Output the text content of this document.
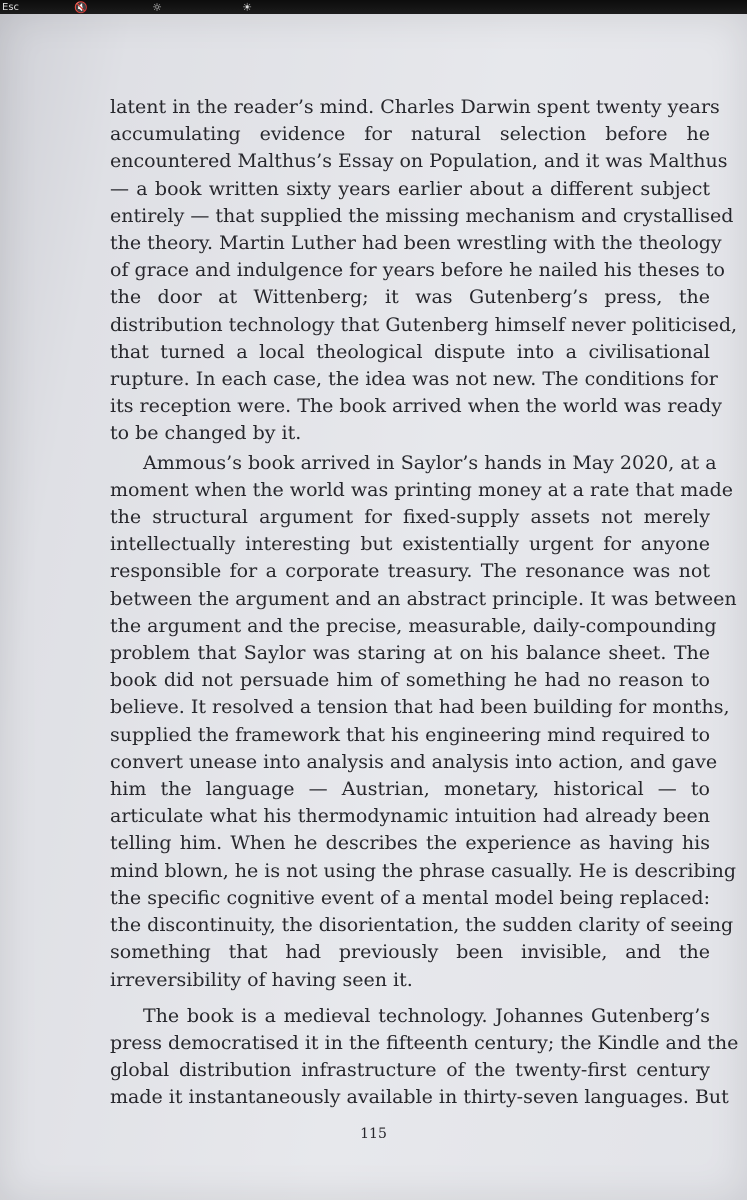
Esc	🔇	☼	☀
latent in the reader’s mind. Charles Darwin spent twenty years
accumulating evidence for natural selection before he
encountered Malthus’s Essay on Population, and it was Malthus
— a book written sixty years earlier about a different subject
entirely — that supplied the missing mechanism and crystallised
the theory. Martin Luther had been wrestling with the theology
of grace and indulgence for years before he nailed his theses to
the door at Wittenberg; it was Gutenberg’s press, the
distribution technology that Gutenberg himself never politicised,
that turned a local theological dispute into a civilisational
rupture. In each case, the idea was not new. The conditions for
its reception were. The book arrived when the world was ready
to be changed by it.
Ammous’s book arrived in Saylor’s hands in May 2020, at a
moment when the world was printing money at a rate that made
the structural argument for fixed-supply assets not merely
intellectually interesting but existentially urgent for anyone
responsible for a corporate treasury. The resonance was not
between the argument and an abstract principle. It was between
the argument and the precise, measurable, daily-compounding
problem that Saylor was staring at on his balance sheet. The
book did not persuade him of something he had no reason to
believe. It resolved a tension that had been building for months,
supplied the framework that his engineering mind required to
convert unease into analysis and analysis into action, and gave
him the language — Austrian, monetary, historical — to
articulate what his thermodynamic intuition had already been
telling him. When he describes the experience as having his
mind blown, he is not using the phrase casually. He is describing
the specific cognitive event of a mental model being replaced:
the discontinuity, the disorientation, the sudden clarity of seeing
something that had previously been invisible, and the
irreversibility of having seen it.
The book is a medieval technology. Johannes Gutenberg’s
press democratised it in the fifteenth century; the Kindle and the
global distribution infrastructure of the twenty-first century
made it instantaneously available in thirty-seven languages. But
115
